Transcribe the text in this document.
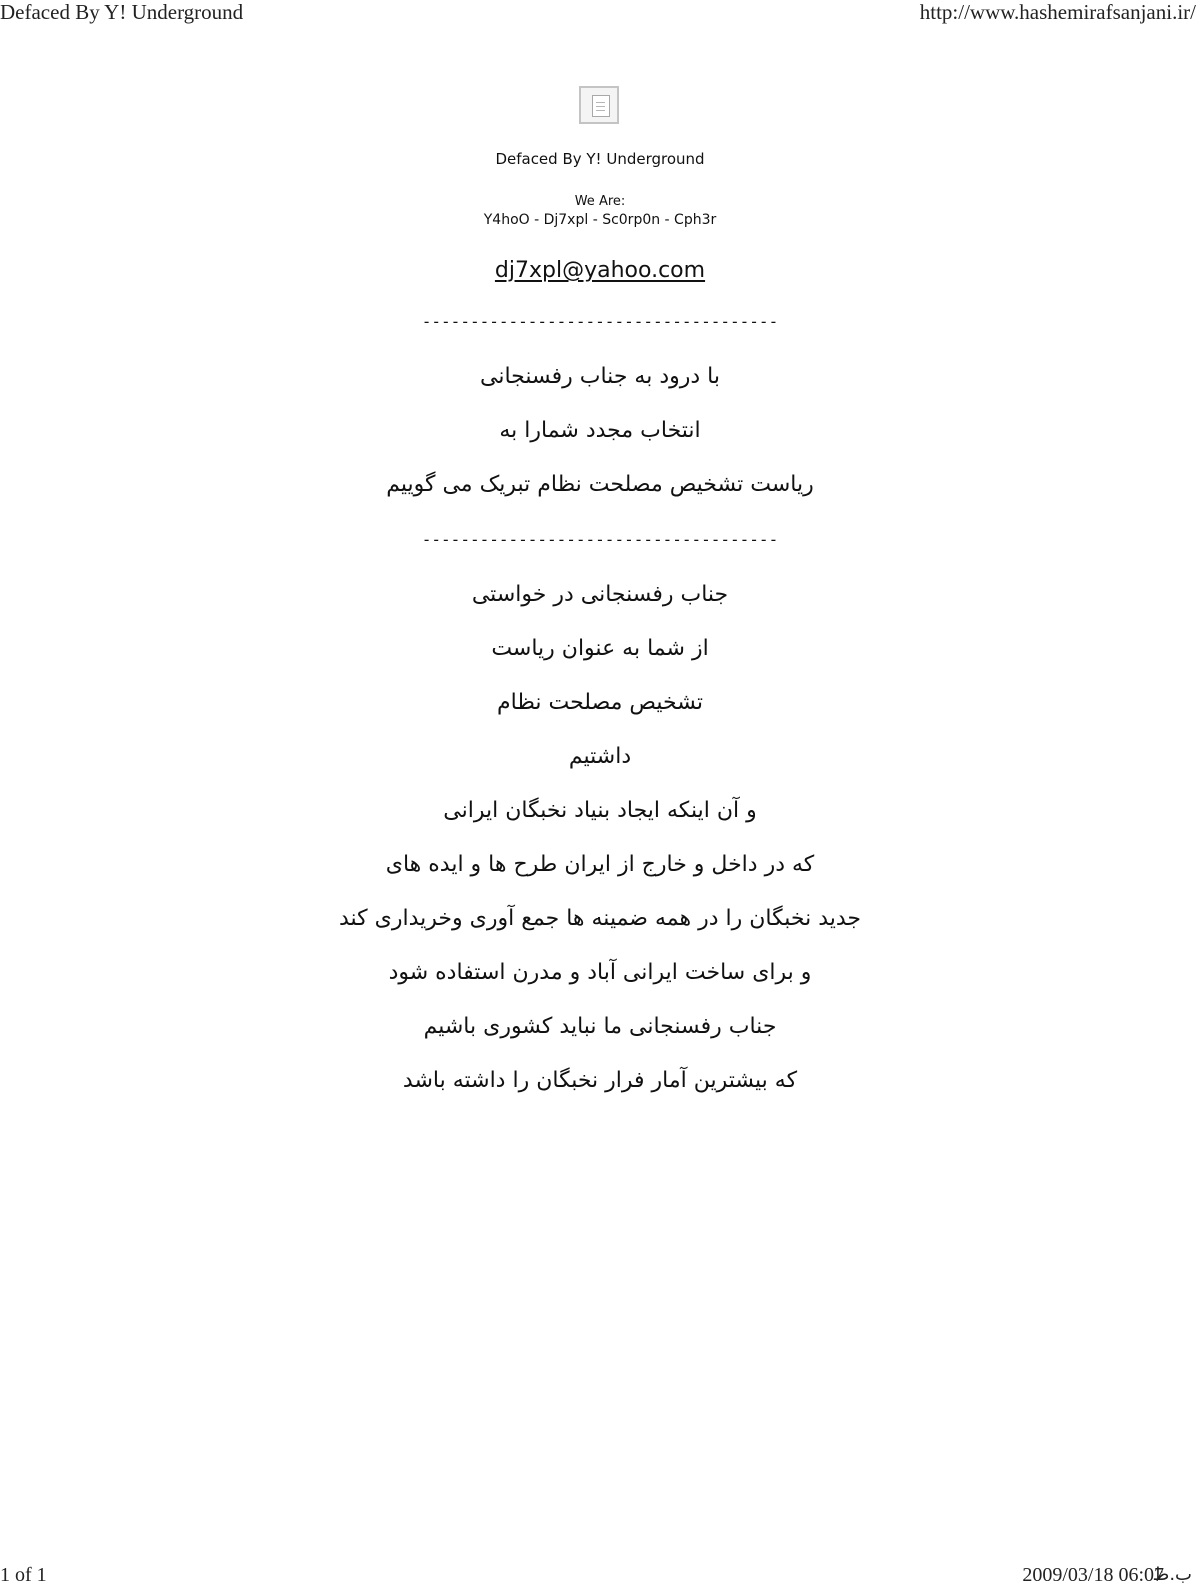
Defaced By Y! Underground	http://www.hashemirafsanjani.ir/
Defaced By Y! Underground
We Are:
Y4hoO - Dj7xpl - Sc0rp0n - Cph3r
dj7xpl@yahoo.com
-------------------------------------
با درود به جناب رفسنجانی
انتخاب مجدد شمارا به
ریاست تشخیص مصلحت نظام تبریک می گوییم
-------------------------------------
جناب رفسنجانی در خواستی
از شما به عنوان ریاست
تشخیص مصلحت نظام
داشتیم
و آن اینکه ایجاد بنیاد نخبگان ایرانی
که در داخل و خارج از ایران طرح ها و ایده های
جدید نخبگان را در همه ضمینه ها جمع آوری وخریداری کند
و برای ساخت ایرانی آباد و مدرن استفاده شود
جناب رفسنجانی ما نباید کشوری باشیم
که بیشترین آمار فرار نخبگان را داشته باشد
1 of 1	2009/03/18 06:07
ب.ظ
